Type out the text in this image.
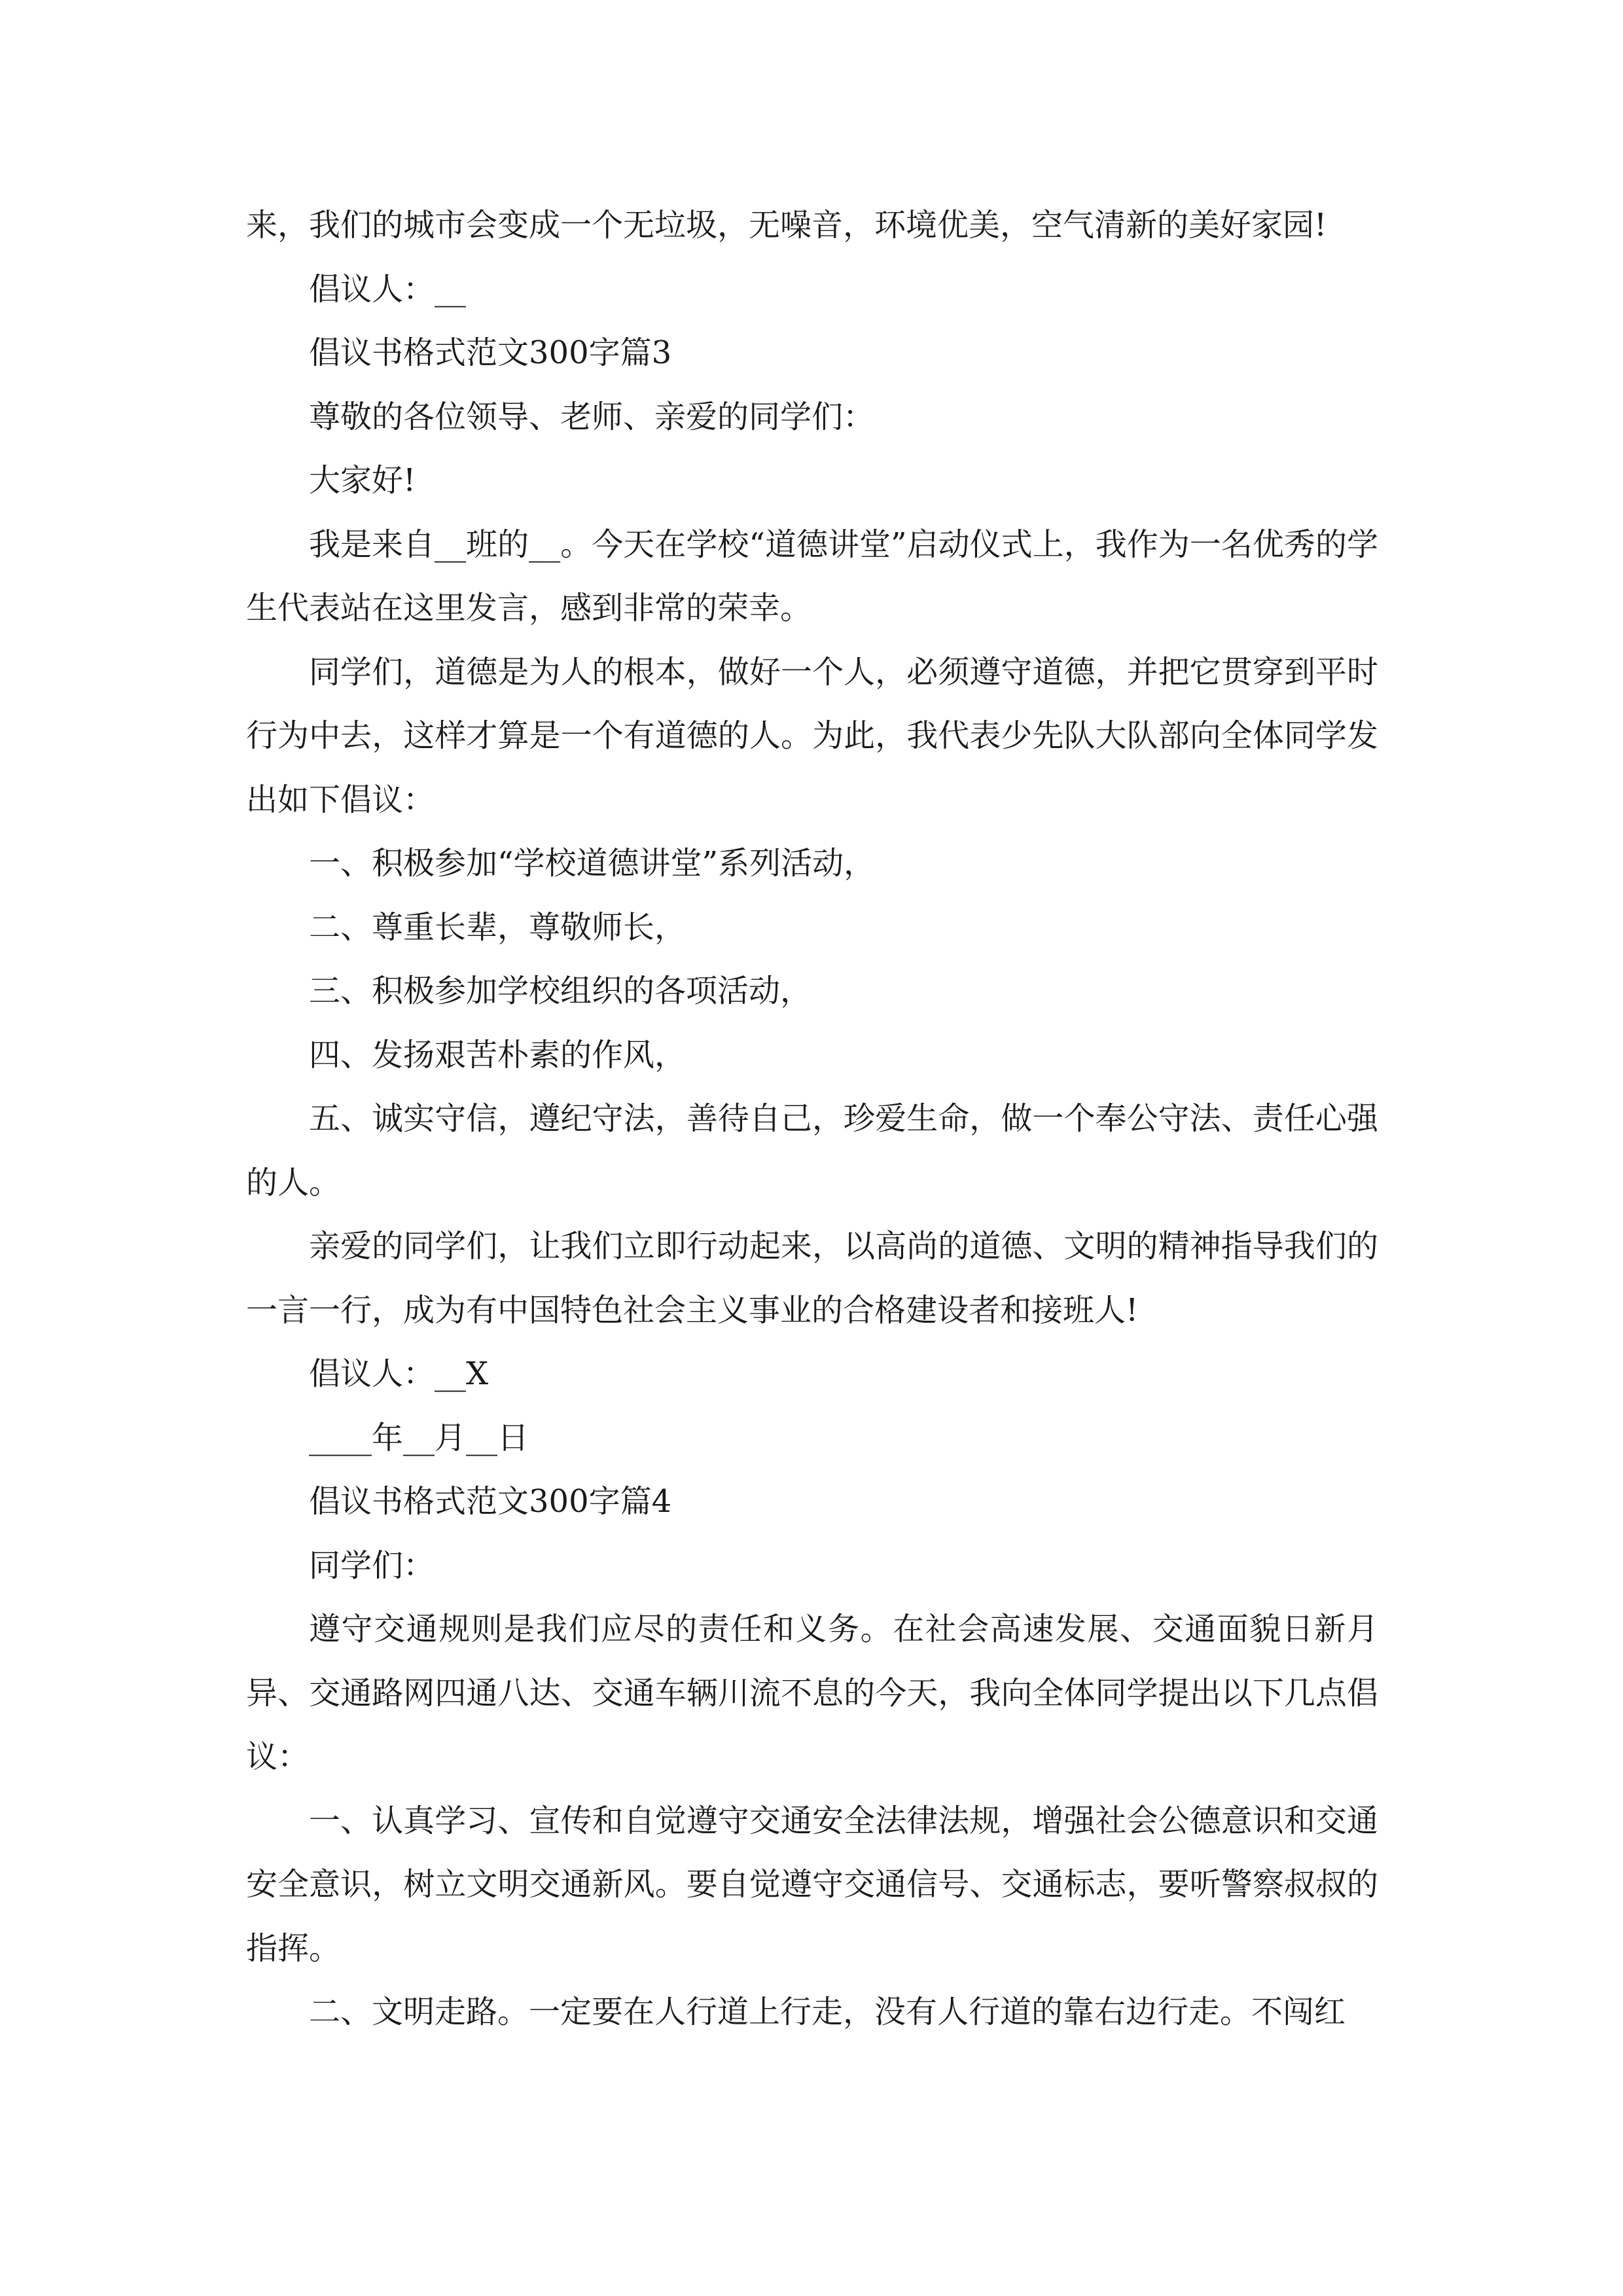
来，我们的城市会变成一个无垃圾，无噪音，环境优美，空气清新的美好家园!

倡议人：__

倡议书格式范文300字篇3

尊敬的各位领导、老师、亲爱的同学们：

大家好!

我是来自__班的__。今天在学校“道德讲堂”启动仪式上，我作为一名优秀的学生代表站在这里发言，感到非常的荣幸。

同学们，道德是为人的根本，做好一个人，必须遵守道德，并把它贯穿到平时行为中去，这样才算是一个有道德的人。为此，我代表少先队大队部向全体同学发出如下倡议：

一、积极参加“学校道德讲堂”系列活动，

二、尊重长辈，尊敬师长，

三、积极参加学校组织的各项活动，

四、发扬艰苦朴素的作风，

五、诚实守信，遵纪守法，善待自己，珍爱生命，做一个奉公守法、责任心强的人。

亲爱的同学们，让我们立即行动起来，以高尚的道德、文明的精神指导我们的一言一行，成为有中国特色社会主义事业的合格建设者和接班人!

倡议人：__X

____年__月__日

倡议书格式范文300字篇4

同学们：

遵守交通规则是我们应尽的责任和义务。在社会高速发展、交通面貌日新月异、交通路网四通八达、交通车辆川流不息的今天，我向全体同学提出以下几点倡议：

一、认真学习、宣传和自觉遵守交通安全法律法规，增强社会公德意识和交通安全意识，树立文明交通新风。要自觉遵守交通信号、交通标志，要听警察叔叔的指挥。

二、文明走路。一定要在人行道上行走，没有人行道的靠右边行走。不闯红
